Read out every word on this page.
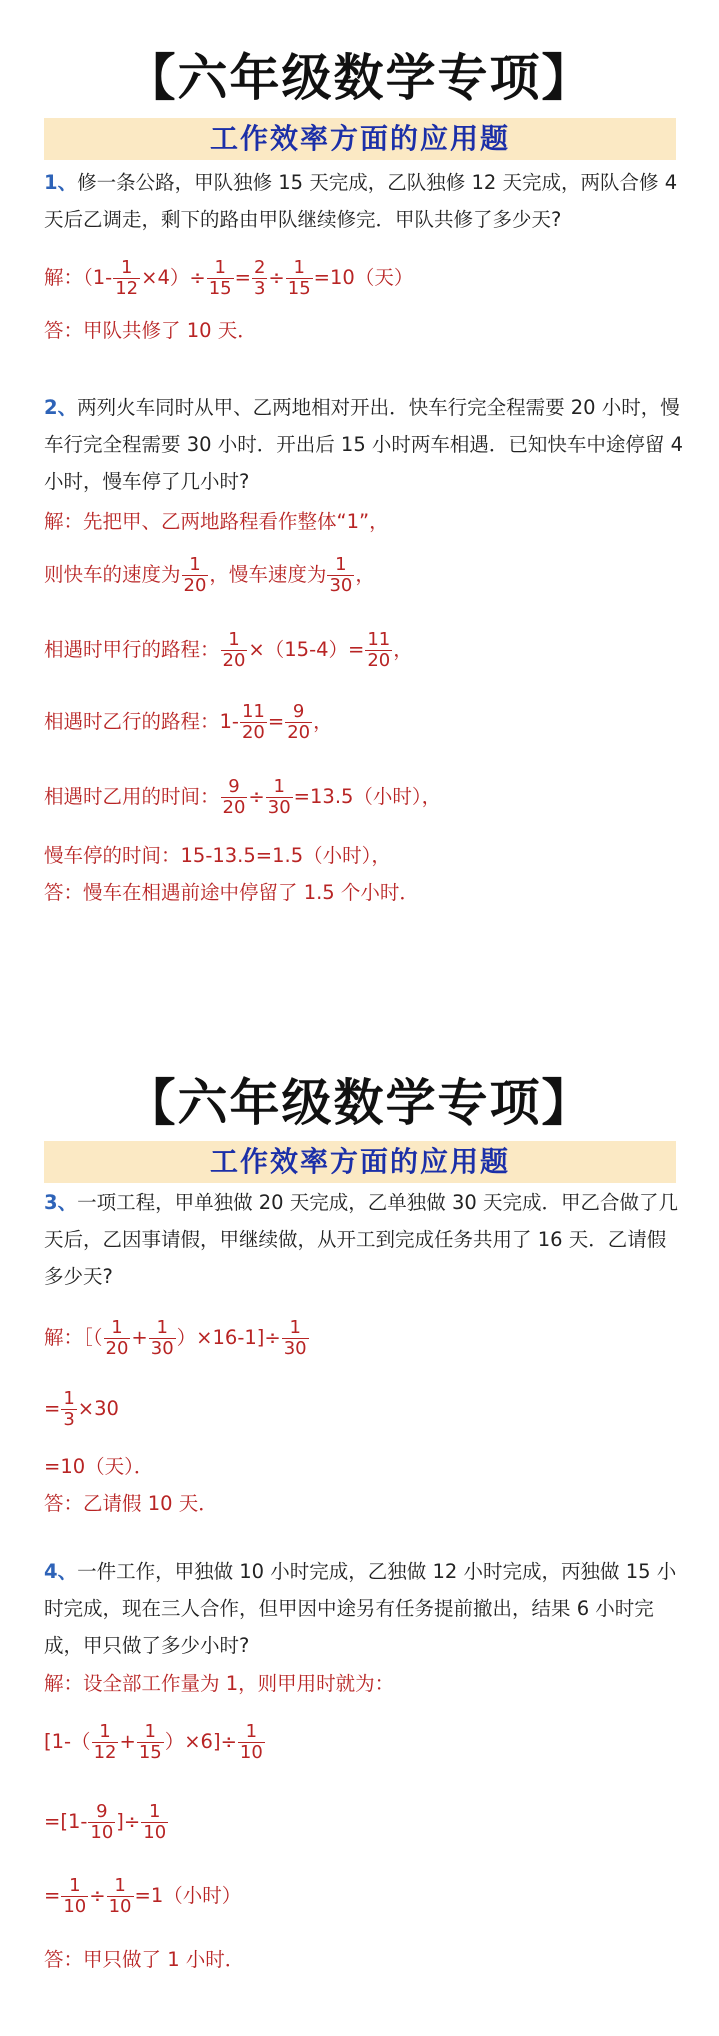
【六年级数学专项】
工作效率方面的应用题
1、修一条公路，甲队独修 15 天完成，乙队独修 12 天完成，两队合修 4 天后乙调走，剩下的路由甲队继续修完．甲队共修了多少天?
解：$(1- \frac{1}{12} \times 4)\div \frac{1}{15} = \frac{2}{3} \div \frac{1}{15} =10$（天）
答：甲队共修了 10 天．
2、两列火车同时从甲、乙两地相对开出．快车行完全程需要 20 小时，慢车行完全程需要 30 小时．开出后 15 小时两车相遇．已知快车中途停留 4 小时，慢车停了几小时?
解：先把甲、乙两地路程看作整体“1”，
则快车的速度为 $\frac{1}{20}$ ，慢车速度为 $\frac{1}{30}$ ，
相遇时甲行的路程： $\frac{1}{20} \times(15-4)= \frac{11}{20}$ ，
相遇时乙行的路程：$1- \frac{11}{20} = \frac{9}{20}$ ，
相遇时乙用的时间： $\frac{9}{20} \div \frac{1}{30} =13.5$（小时），
慢车停的时间：15-13.5=1.5（小时），
答：慢车在相遇前途中停留了 1.5 个小时．
【六年级数学专项】
工作效率方面的应用题
3、一项工程，甲单独做 20 天完成，乙单独做 30 天完成．甲乙合做了几天后，乙因事请假，甲继续做，从开工到完成任务共用了 16 天．乙请假多少天?
解：［（ $\frac{1}{20} + \frac{1}{30} )\times 16-1]\div \frac{1}{30}$
= $\frac{1}{3} \times 30$
=10（天）．
答：乙请假 10 天．
4、一件工作，甲独做 10 小时完成，乙独做 12 小时完成，丙独做 15 小时完成，现在三人合作，但甲因中途另有任务提前撤出，结果 6 小时完成，甲只做了多少小时?
解：设全部工作量为 1，则甲用时就为：
$[1-( \frac{1}{12} + \frac{1}{15} )\times 6]\div \frac{1}{10}$
$=[1- \frac{9}{10}$ ]÷ $\frac{1}{10}$
= $\frac{1}{10} \div \frac{1}{10} =1$（小时）
答：甲只做了 1 小时．
